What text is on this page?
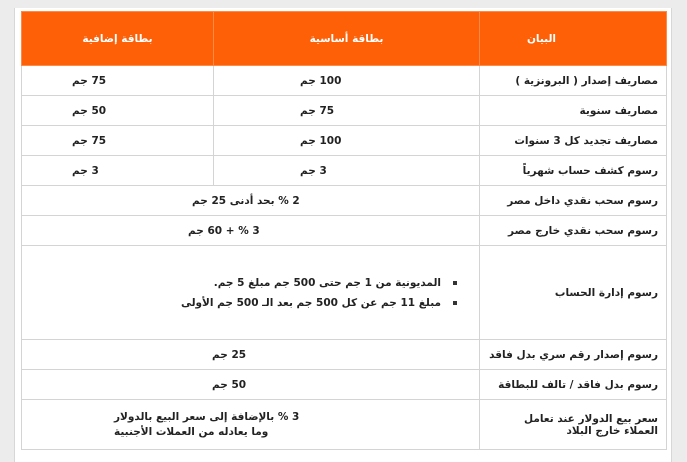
البيان	بطاقة أساسية	بطاقة إضافية
مصاريف إصدار ( البرونزية )	100 جم	75 جم
مصاريف سنوية	75 جم	50 جم
مصاريف تجديد كل 3 سنوات	100 جم	75 جم
رسوم كشف حساب شهرياً	3 جم	3 جم
رسوم سحب نقدي داخل مصر	2 % بحد أدنى 25 جم	
رسوم سحب نقدي خارج مصر	3 % + 60 جم	
رسوم إدارة الحساب	المديونية من 1 جم حتى 500 جم مبلغ 5 جم.
مبلغ 11 جم عن كل 500 جم بعد الـ 500 جم الأولى	

رسوم إصدار رقم سري بدل فاقد	25 جم	
رسوم بدل فاقد / تالف للبطاقة	50 جم	
سعر بيع الدولار عند تعامل العملاء خارج البلاد	3 % بالإضافة إلى سعر البيع بالدولار
وما يعادله من العملات الأجنبية	
